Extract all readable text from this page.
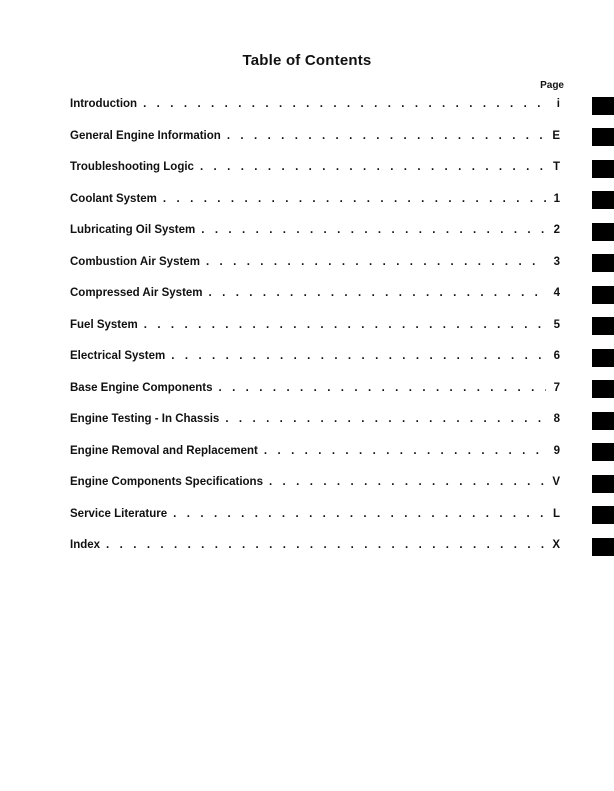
Table of Contents
Page
Introduction . . .	i
General Engine Information . . .	E
Troubleshooting Logic . . .	T
Coolant System . . .	1
Lubricating Oil System . . .	2
Combustion Air System . . .	3
Compressed Air System . . .	4
Fuel System . . .	5
Electrical System . . .	6
Base Engine Components . . .	7
Engine Testing - In Chassis . . .	8
Engine Removal and Replacement . . .	9
Engine Components Specifications . . .	V
Service Literature . . .	L
Index . . .	X
